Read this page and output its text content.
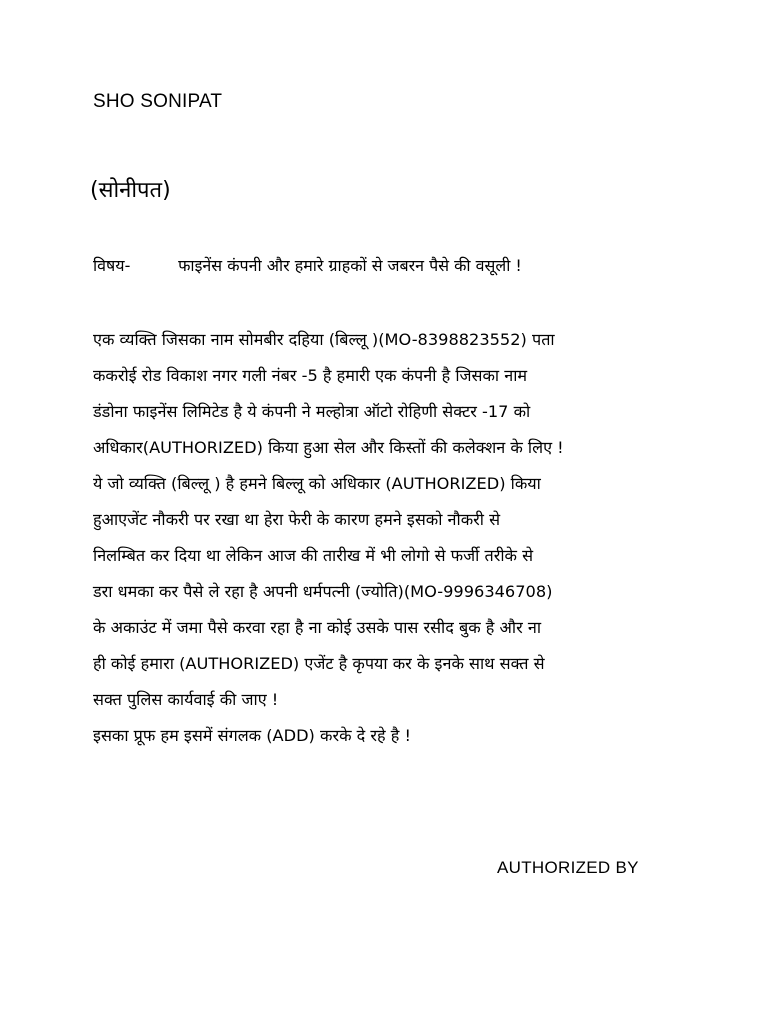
SHO SONIPAT
(सोनीपत)
विषय-	फाइनेंस कंपनी और हमारे ग्राहकों से जबरन पैसे की वसूली !
एक व्यक्ति जिसका नाम सोमबीर दहिया (बिल्लू )(MO-8398823552) पता
ककरोई रोड विकाश नगर गली नंबर -5 है हमारी एक कंपनी है जिसका नाम
डंडोना फाइनेंस लिमिटेड है ये कंपनी ने मल्होत्रा ऑटो रोहिणी सेक्टर -17 को
अधिकार(AUTHORIZED) किया हुआ सेल और किस्तों की कलेक्शन के लिए !
ये जो व्यक्ति (बिल्लू ) है हमने बिल्लू को अधिकार (AUTHORIZED) किया
हुआएजेंट नौकरी पर रखा था हेरा फेरी के कारण हमने इसको नौकरी से
निलम्बित कर दिया था लेकिन आज की तारीख में भी लोगो से फर्जी तरीके से
डरा धमका कर पैसे ले रहा है अपनी धर्मपत्नी (ज्योति)(MO-9996346708)
के अकाउंट में जमा पैसे करवा रहा है ना कोई उसके पास रसीद बुक है और ना
ही कोई हमारा (AUTHORIZED) एजेंट है कृपया कर के इनके साथ सक्त से
सक्त पुलिस कार्यवाई की जाए !
इसका प्रूफ हम इसमें संगलक (ADD) करके दे रहे है !
AUTHORIZED BY
